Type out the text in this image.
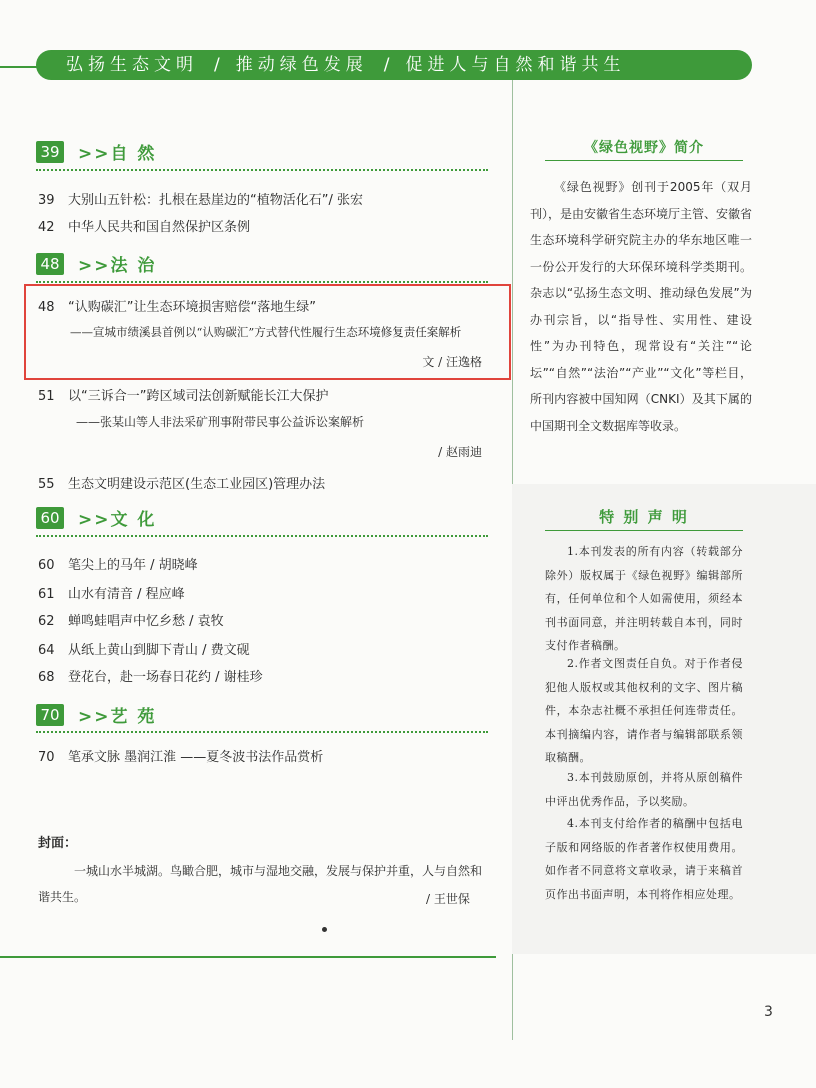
弘扬生态文明 / 推动绿色发展 / 促进人与自然和谐共生
39 >>自 然
39 大别山五针松：扎根在悬崖边的“植物活化石”/ 张宏
42 中华人民共和国自然保护区条例
48 >>法 治
48 “认购碳汇”让生态环境损害赔偿“落地生绿”
——宣城市绩溪县首例以“认购碳汇”方式替代性履行生态环境修复责任案解析
文 / 汪逸格
51 以“三诉合一”跨区域司法创新赋能长江大保护
——张某山等人非法采矿刑事附带民事公益诉讼案解析
/ 赵雨迪
55 生态文明建设示范区(生态工业园区)管理办法
60 >>文 化
60 笔尖上的马年 / 胡晓峰
61 山水有清音 / 程应峰
62 蝉鸣蛙唱声中忆乡愁 / 袁牧
64 从纸上黄山到脚下青山 / 费文砚
68 登花台，赴一场春日花约 / 谢桂珍
70 >>艺 苑
70 笔承文脉 墨润江淮 ——夏冬波书法作品赏析
封面：
一城山水半城湖。鸟瞰合肥，城市与湿地交融，发展与保护并重，人与自然和谐共生。	/ 王世保
《绿色视野》简介
《绿色视野》创刊于2005年（双月刊），是由安徽省生态环境厅主管、安徽省生态环境科学研究院主办的华东地区唯一一份公开发行的大环保环境科学类期刊。杂志以“弘扬生态文明、推动绿色发展”为办刊宗旨，以“指导性、实用性、建设性”为办刊特色，现常设有“关注”“论坛”“自然”“法治”“产业”“文化”等栏目，所刊内容被中国知网（CNKI）及其下属的中国期刊全文数据库等收录。
特 别 声 明
1.本刊发表的所有内容（转载部分除外）版权属于《绿色视野》编辑部所有，任何单位和个人如需使用，须经本刊书面同意，并注明转载自本刊，同时支付作者稿酬。
2.作者文图责任自负。对于作者侵犯他人版权或其他权利的文字、图片稿件，本杂志社概不承担任何连带责任。本刊摘编内容，请作者与编辑部联系领取稿酬。
3.本刊鼓励原创，并将从原创稿件中评出优秀作品，予以奖励。
4.本刊支付给作者的稿酬中包括电子版和网络版的作者著作权使用费用。如作者不同意将文章收录，请于来稿首页作出书面声明，本刊将作相应处理。
3
